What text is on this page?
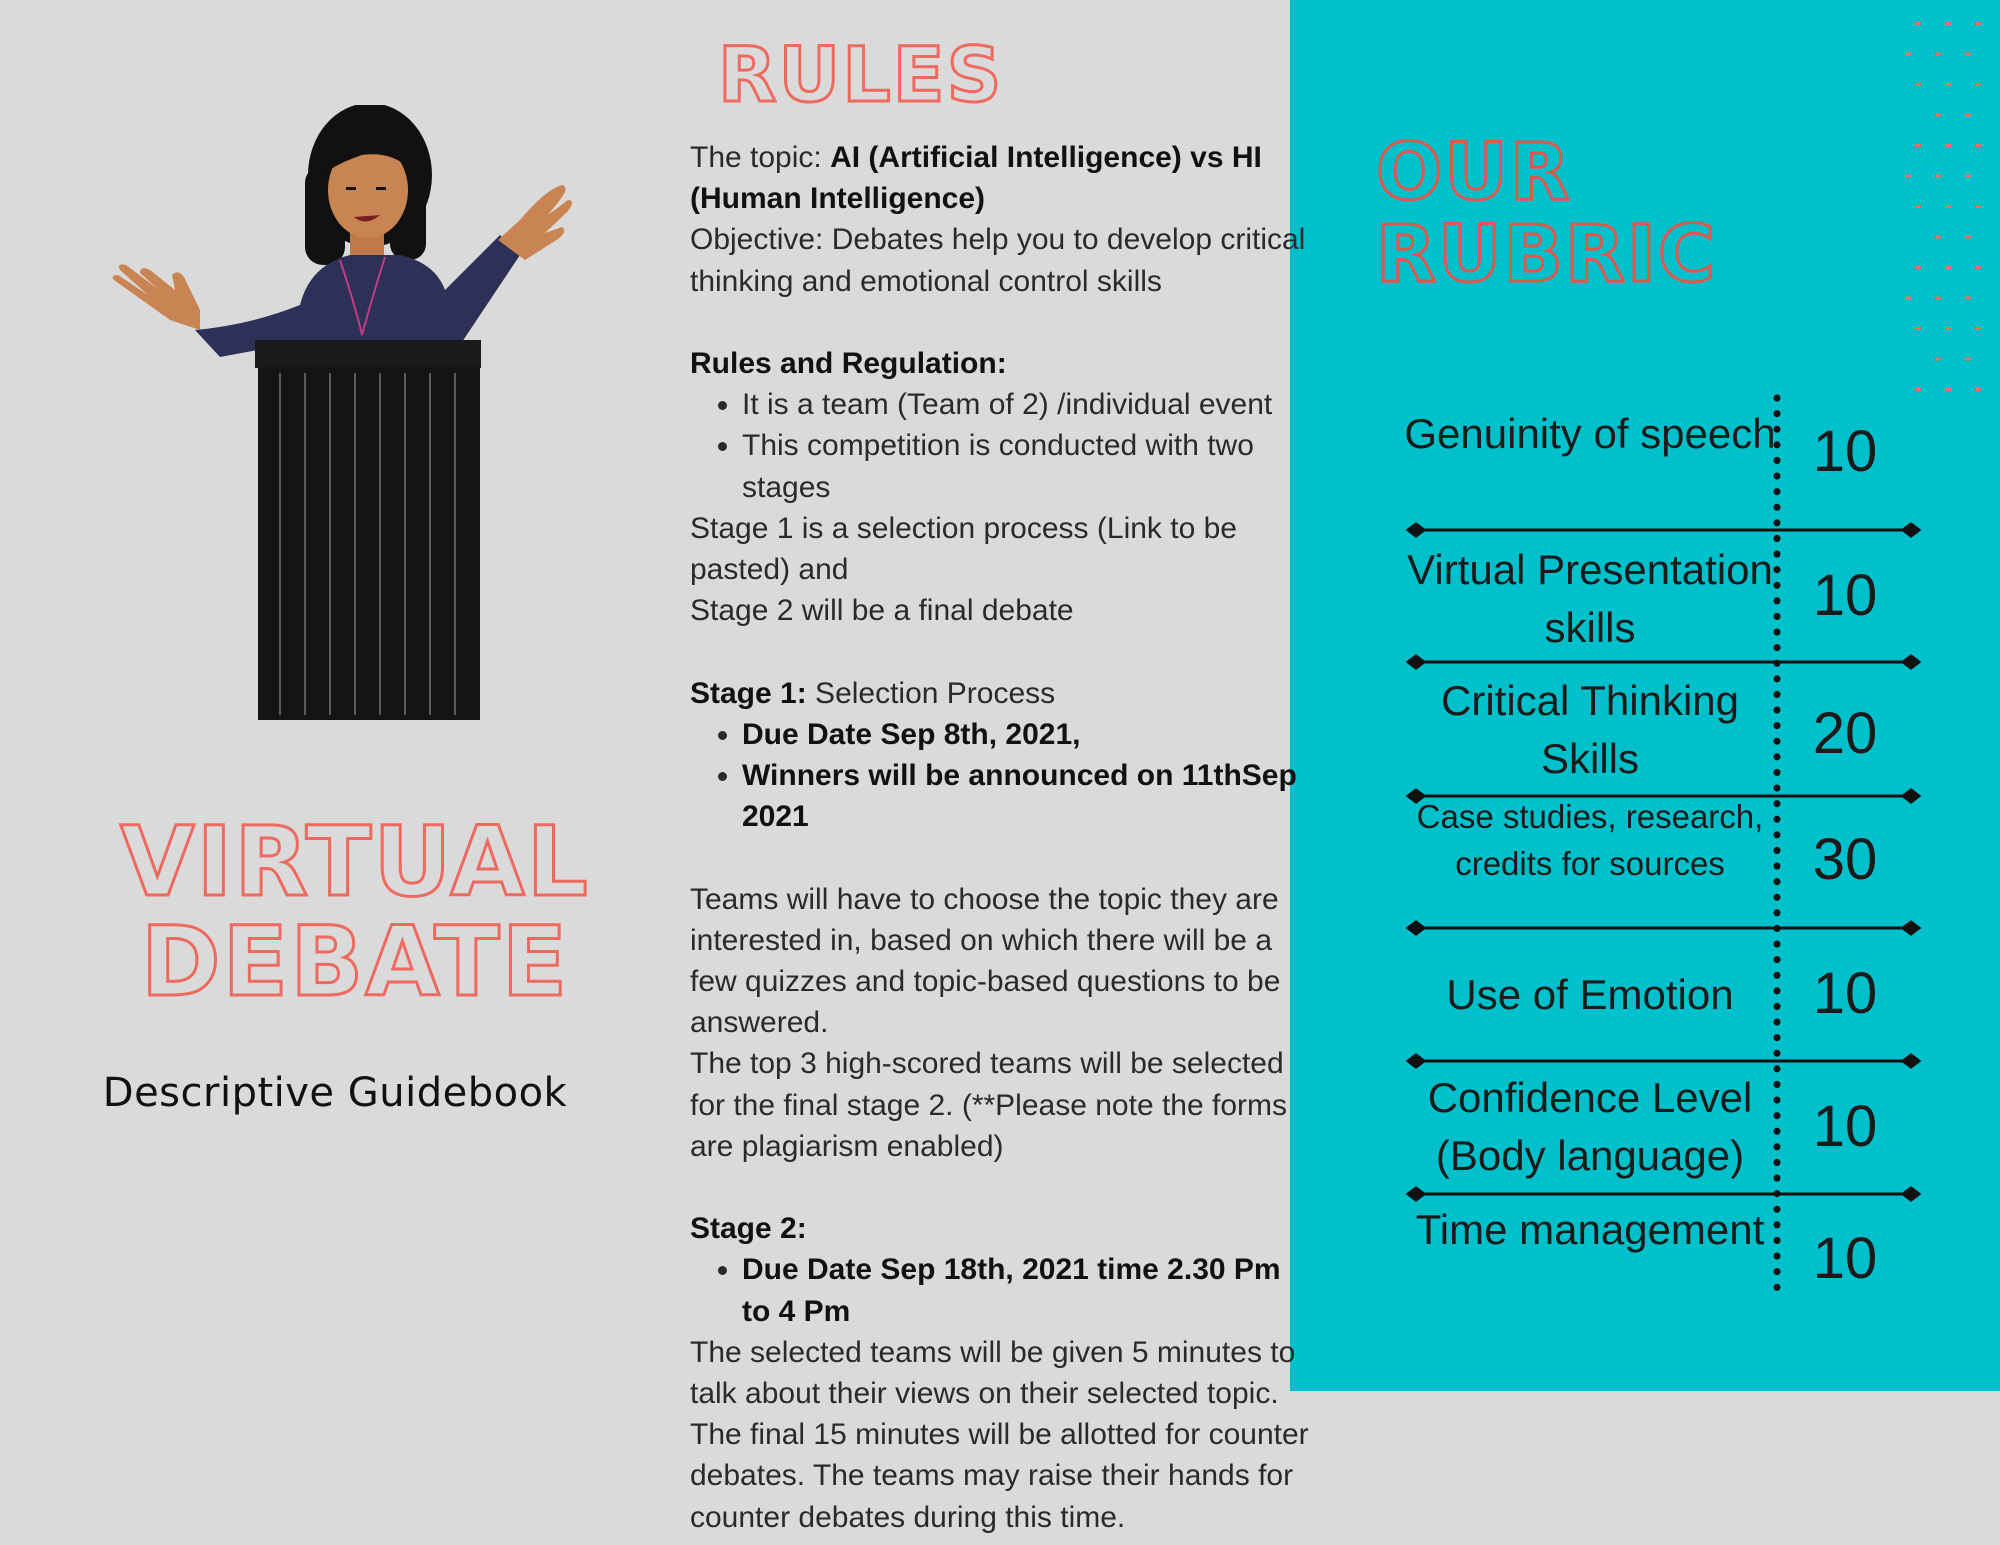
VIRTUAL
DEBATE
Descriptive Guidebook
RULES

The topic: AI (Artificial Intelligence) vs HI (Human Intelligence)

Objective: Debates help you to develop critical thinking and emotional control skills

Rules and Regulation:

• It is a team (Team of 2) /individual event
• This competition is conducted with two stages

Stage 1 is a selection process (Link to be pasted) and

Stage 2 will be a final debate

Stage 1: Selection Process

• Due Date Sep 8th, 2021,
• Winners will be announced on 11thSep 2021

Teams will have to choose the topic they are interested in, based on which there will be a few quizzes and topic-based questions to be answered.

The top 3 high-scored teams will be selected for the final stage 2. (**Please note the forms are plagiarism enabled)

Stage 2:

• Due Date Sep 18th, 2021 time 2.30 Pm to 4 Pm

The selected teams will be given 5 minutes to talk about their views on their selected topic. The final 15 minutes will be allotted for counter debates. The teams may raise their hands for counter debates during this time.

OUR
RUBRIC
Genuinity of speech 10
Virtual Presentation skills	10
Critical Thinking Skills	20
Case studies, research, credits for sources	30
Use of Emotion	10
Confidence Level (Body language)	10
Time management 10
